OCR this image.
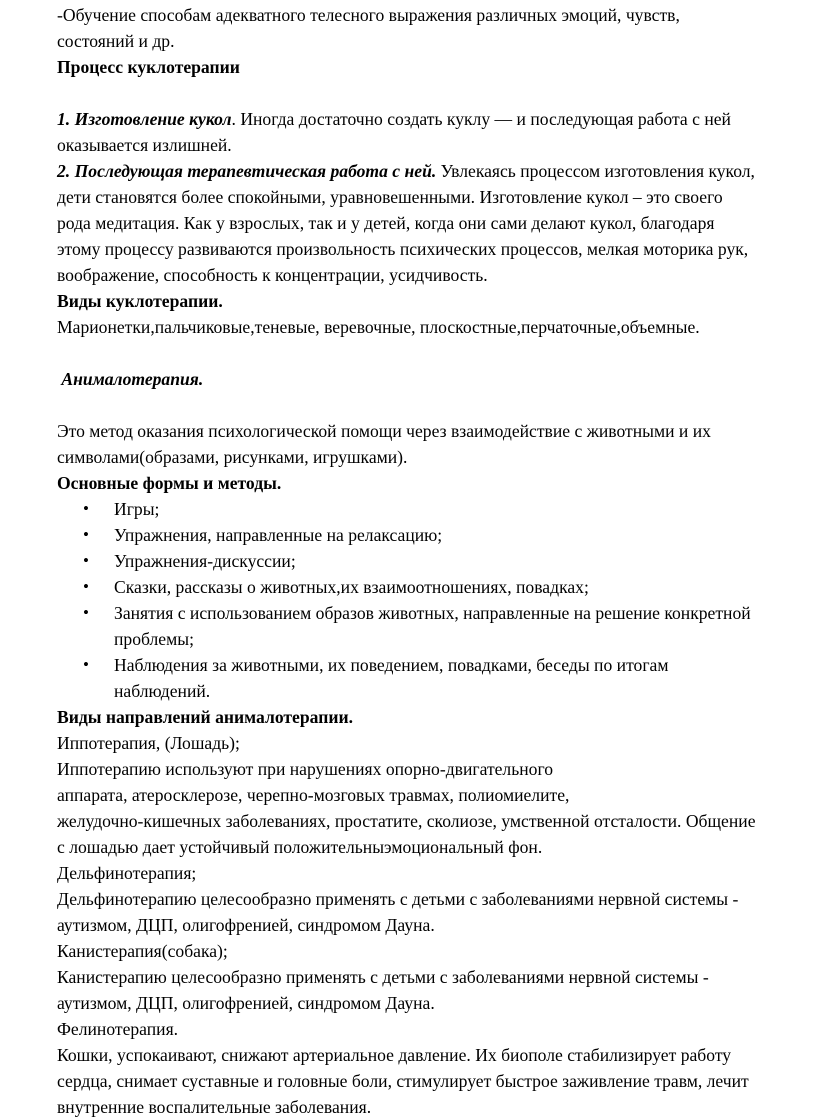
-Обучение способам адекватного телесного выражения различных эмоций, чувств, состояний и др.

Процесс куклотерапии

1. Изготовление кукол. Иногда достаточно создать куклу — и последующая работа с ней оказывается излишней.

2. Последующая терапевтическая работа с ней. Увлекаясь процессом изготовления кукол, дети становятся более спокойными, уравновешенными. Изготовление кукол – это своего рода медитация. Как у взрослых, так и у детей, когда они сами делают кукол, благодаря этому процессу развиваются произвольность психических процессов, мелкая моторика рук, воображение, способность к концентрации, усидчивость.

Виды куклотерапии.

Марионетки,пальчиковые,теневые, веревочные, плоскостные,перчаточные,объемные.

Анималотерапия.

Это метод оказания психологической помощи через взаимодействие с животными и их символами(образами, рисунками, игрушками).

Основные формы и методы.

• Игры;
• Упражнения, направленные на релаксацию;
• Упражнения-дискуссии;
• Сказки, рассказы о животных,их взаимоотношениях, повадках;
• Занятия с использованием образов животных, направленные на решение конкретной проблемы;
• Наблюдения за животными, их поведением, повадками, беседы по итогам наблюдений.

Виды направлений анималотерапии.

Иппотерапия, (Лошадь);

Иппотерапию используют при нарушениях опорно-двигательного

аппарата, атеросклерозе, черепно-мозговых травмах, полиомиелите,

желудочно-кишечных заболеваниях, простатите, сколиозе, умственной отсталости. Общение с лошадью дает устойчивый положительныэмоциональный фон.

Дельфинотерапия;

Дельфинотерапию целесообразно применять с детьми с заболеваниями нервной системы - аутизмом, ДЦП, олигофренией, синдромом Дауна.

Канистерапия(собака);

Канистерапию целесообразно применять с детьми с заболеваниями нервной системы - аутизмом, ДЦП, олигофренией, синдромом Дауна.

Фелинотерапия.

Кошки, успокаивают, снижают артериальное давление. Их биополе стабилизирует работу сердца, снимает суставные и головные боли, стимулирует быстрое заживление травм, лечит внутренние воспалительные заболевания.
